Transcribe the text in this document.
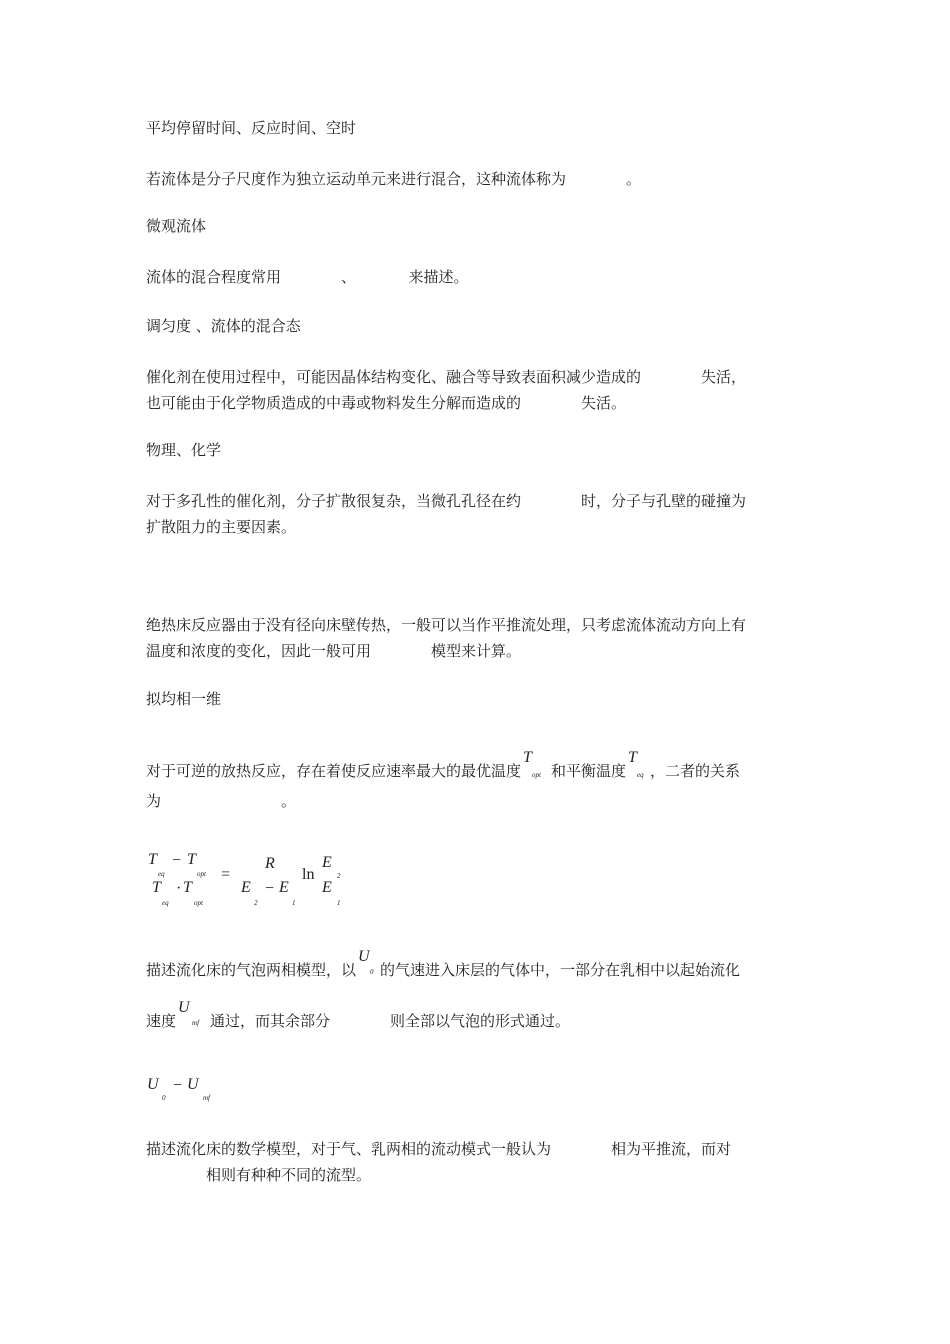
平均停留时间、反应时间、空时
若流体是分子尺度作为独立运动单元来进行混合，这种流体称为　　　　。
微观流体
流体的混合程度常用　　　　、　　　　来描述。
调匀度 、流体的混合态
催化剂在使用过程中，可能因晶体结构变化、融合等导致表面积减少造成的　　　　失活，
也可能由于化学物质造成的中毒或物料发生分解而造成的　　　　失活。
物理、化学
对于多孔性的催化剂，分子扩散很复杂，当微孔孔径在约　　　　时，分子与孔壁的碰撞为
扩散阻力的主要因素。
绝热床反应器由于没有径向床壁传热，一般可以当作平推流处理，只考虑流体流动方向上有
温度和浓度的变化，因此一般可用　　　　模型来计算。
拟均相一维
对于可逆的放热反应，存在着使反应速率最大的最优温度
T
opt 和平衡温度
T
eq ，二者的关系
为　　　　　　　　。
T
eq
− T
opt
T
eq
· T
opt
=
R
E
2
− E
1
ln
E
2
E
1
描述流化床的气泡两相模型，以
U
0 的气速进入床层的气体中，一部分在乳相中以起始流化
速度
U
mf 通过，而其余部分　　　　则全部以气泡的形式通过。
U
0
− U
mf
描述流化床的数学模型，对于气、乳两相的流动模式一般认为　　　　相为平推流，而对
　　　　相则有种种不同的流型。
